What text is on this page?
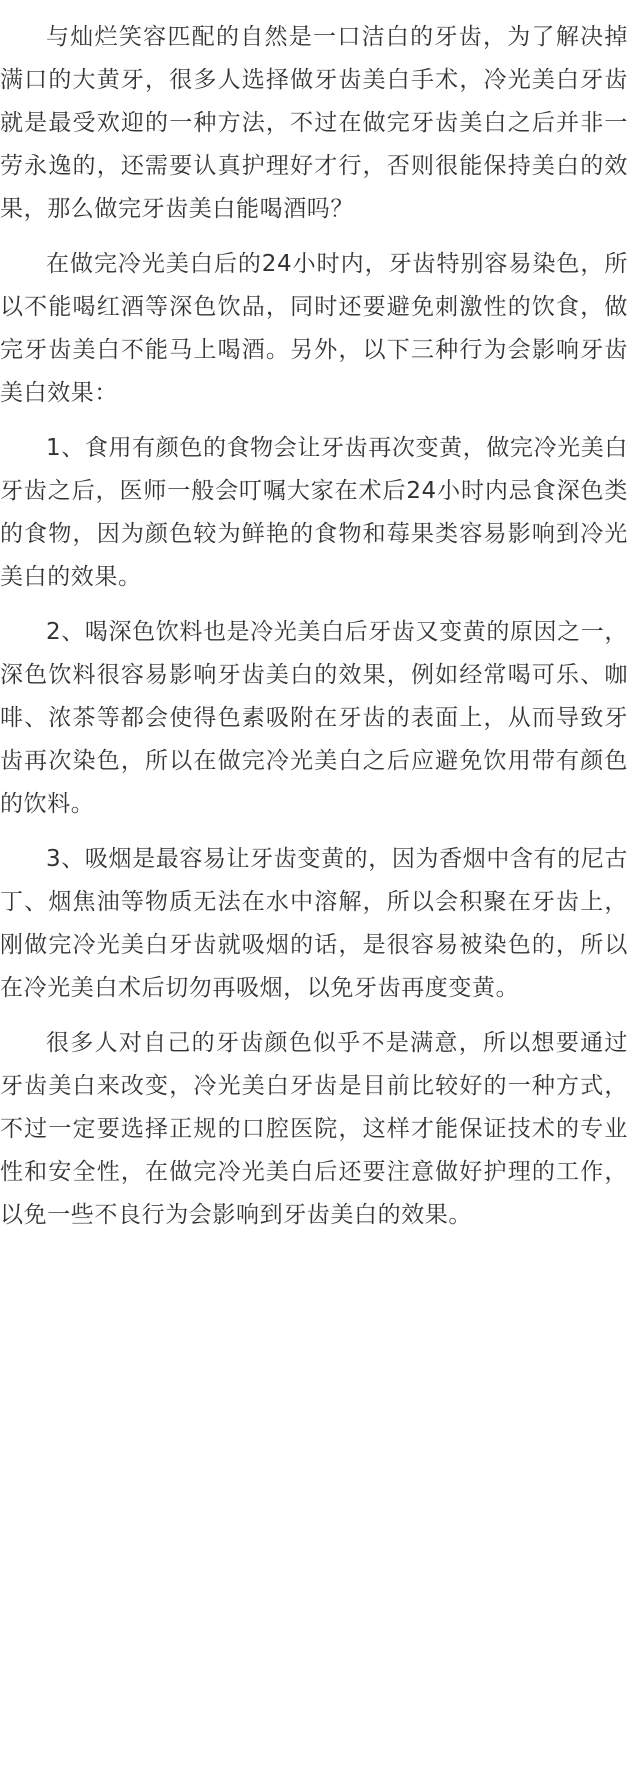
与灿烂笑容匹配的自然是一口洁白的牙齿，为了解决掉满口的大黄牙，很多人选择做牙齿美白手术，冷光美白牙齿就是最受欢迎的一种方法，不过在做完牙齿美白之后并非一劳永逸的，还需要认真护理好才行，否则很能保持美白的效果，那么做完牙齿美白能喝酒吗？

在做完冷光美白后的24小时内，牙齿特别容易染色，所以不能喝红酒等深色饮品，同时还要避免刺激性的饮食，做完牙齿美白不能马上喝酒。另外，以下三种行为会影响牙齿美白效果：

1、食用有颜色的食物会让牙齿再次变黄，做完冷光美白牙齿之后，医师一般会叮嘱大家在术后24小时内忌食深色类的食物，因为颜色较为鲜艳的食物和莓果类容易影响到冷光美白的效果。

2、喝深色饮料也是冷光美白后牙齿又变黄的原因之一，深色饮料很容易影响牙齿美白的效果，例如经常喝可乐、咖啡、浓茶等都会使得色素吸附在牙齿的表面上，从而导致牙齿再次染色，所以在做完冷光美白之后应避免饮用带有颜色的饮料。

3、吸烟是最容易让牙齿变黄的，因为香烟中含有的尼古丁、烟焦油等物质无法在水中溶解，所以会积聚在牙齿上，刚做完冷光美白牙齿就吸烟的话，是很容易被染色的，所以在冷光美白术后切勿再吸烟，以免牙齿再度变黄。

很多人对自己的牙齿颜色似乎不是满意，所以想要通过牙齿美白来改变，冷光美白牙齿是目前比较好的一种方式，不过一定要选择正规的口腔医院，这样才能保证技术的专业性和安全性，在做完冷光美白后还要注意做好护理的工作，以免一些不良行为会影响到牙齿美白的效果。
